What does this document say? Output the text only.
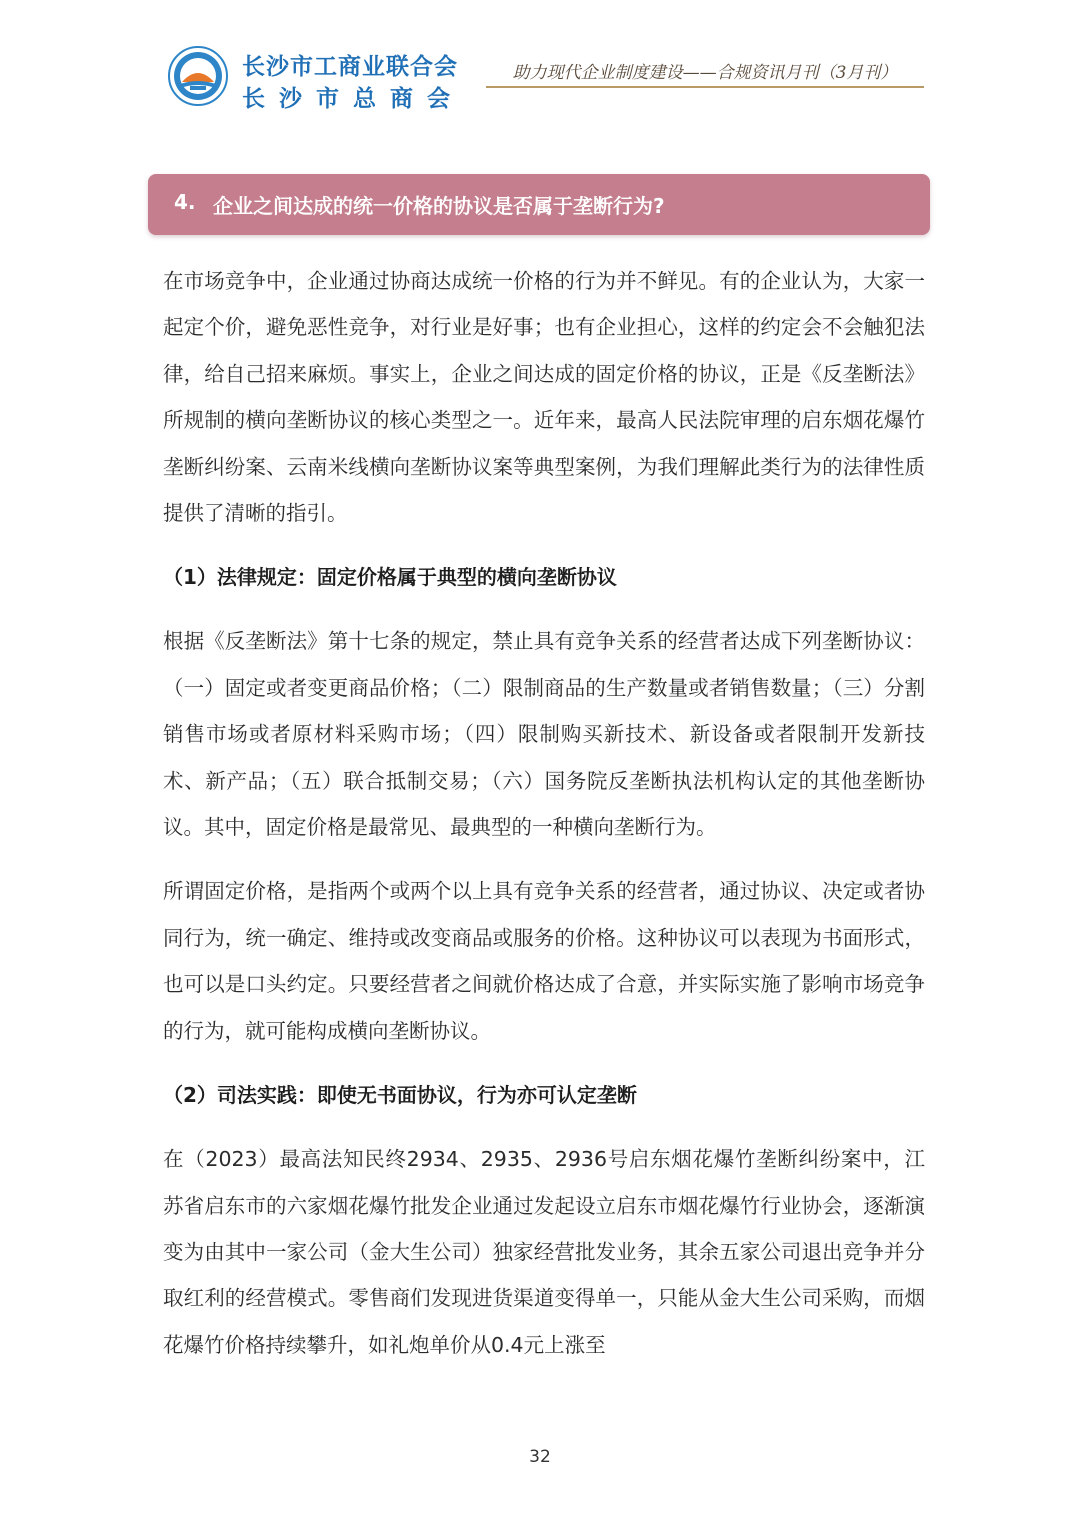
长沙市工商业联合会
长沙市总商会
助力现代企业制度建设——合规资讯月刊（3月刊）
4. 企业之间达成的统一价格的协议是否属于垄断行为?

在市场竞争中，企业通过协商达成统一价格的行为并不鲜见。有的企业认为，大家一起定个价，避免恶性竞争，对行业是好事；也有企业担心，这样的约定会不会触犯法律，给自己招来麻烦。事实上，企业之间达成的固定价格的协议，正是《反垄断法》所规制的横向垄断协议的核心类型之一。近年来，最高人民法院审理的启东烟花爆竹垄断纠纷案、云南米线横向垄断协议案等典型案例，为我们理解此类行为的法律性质提供了清晰的指引。

（1）法律规定：固定价格属于典型的横向垄断协议

根据《反垄断法》第十七条的规定，禁止具有竞争关系的经营者达成下列垄断协议：（一）固定或者变更商品价格；（二）限制商品的生产数量或者销售数量；（三）分割销售市场或者原材料采购市场；（四）限制购买新技术、新设备或者限制开发新技术、新产品；（五）联合抵制交易；（六）国务院反垄断执法机构认定的其他垄断协议。其中，固定价格是最常见、最典型的一种横向垄断行为。

所谓固定价格，是指两个或两个以上具有竞争关系的经营者，通过协议、决定或者协同行为，统一确定、维持或改变商品或服务的价格。这种协议可以表现为书面形式，也可以是口头约定。只要经营者之间就价格达成了合意，并实际实施了影响市场竞争的行为，就可能构成横向垄断协议。

（2）司法实践：即使无书面协议，行为亦可认定垄断

在（2023）最高法知民终2934、2935、2936号启东烟花爆竹垄断纠纷案中，江苏省启东市的六家烟花爆竹批发企业通过发起设立启东市烟花爆竹行业协会，逐渐演变为由其中一家公司（金大生公司）独家经营批发业务，其余五家公司退出竞争并分取红利的经营模式。零售商们发现进货渠道变得单一，只能从金大生公司采购，而烟花爆竹价格持续攀升，如礼炮单价从0.4元上涨至

32
